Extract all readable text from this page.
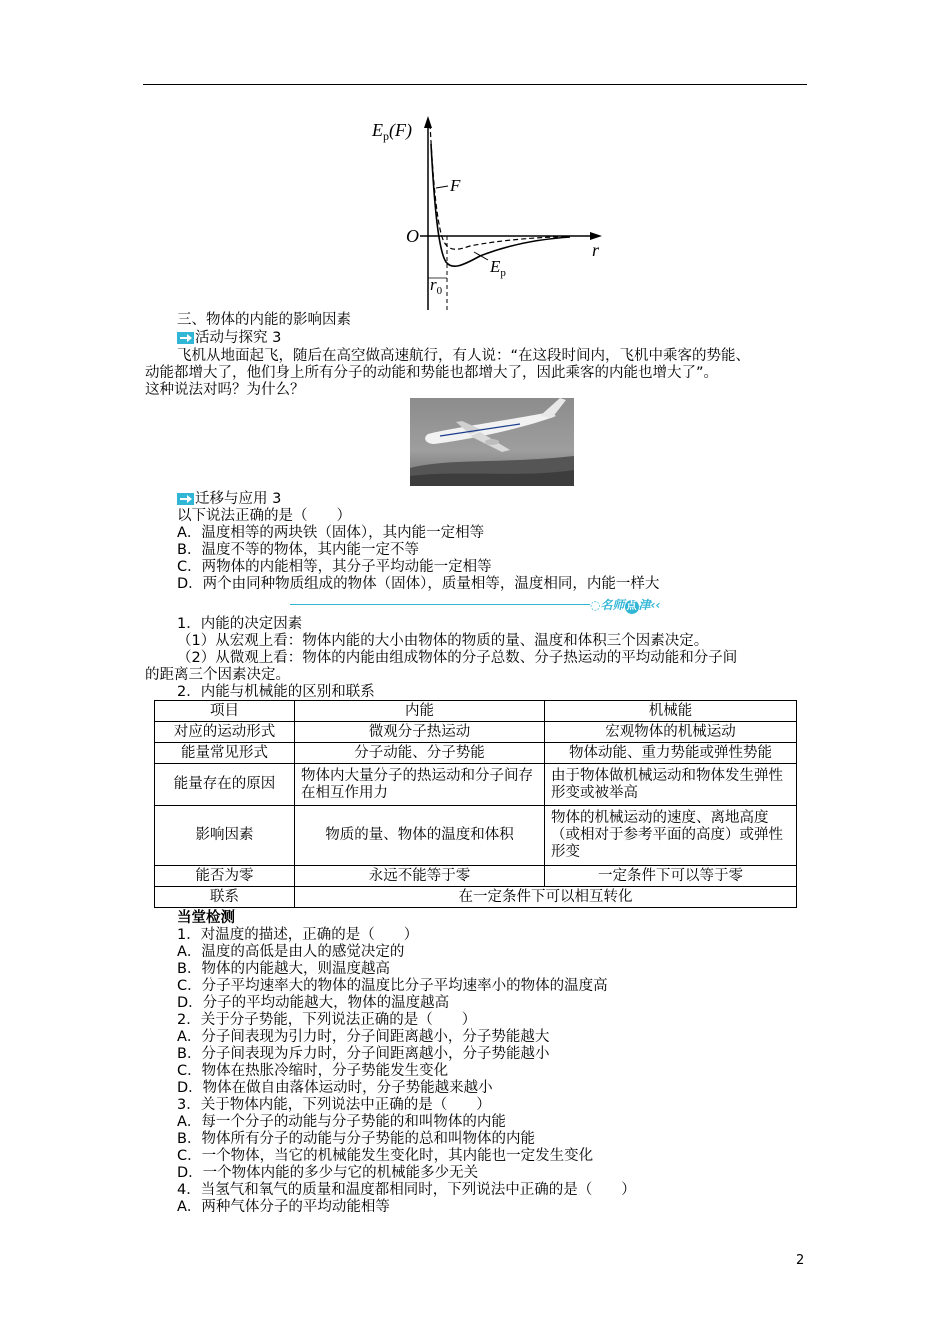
$E_p(F)$
O
r
F
$E_p$
$r_0$
三、物体的内能的影响因素
活动与探究 3
飞机从地面起飞，随后在高空做高速航行，有人说：“在这段时间内，飞机中乘客的势能、
动能都增大了，他们身上所有分子的动能和势能也都增大了，因此乘客的内能也增大了”。
这种说法对吗？为什么？
迁移与应用 3
以下说法正确的是（　　）
A．温度相等的两块铁（固体），其内能一定相等
B．温度不等的物体，其内能一定不等
C．两物体的内能相等，其分子平均动能一定相等
D．两个由同种物质组成的物体（固体），质量相等，温度相同，内能一样大
◌名师 点 津‹‹
1．内能的决定因素
（1）从宏观上看：物体内能的大小由物体的物质的量、温度和体积三个因素决定。
（2）从微观上看：物体的内能由组成物体的分子总数、分子热运动的平均动能和分子间
的距离三个因素决定。
2．内能与机械能的区别和联系
项目	内能	机械能
对应的运动形式	微观分子热运动	宏观物体的机械运动
能量常见形式	分子动能、分子势能	物体动能、重力势能或弹性势能
能量存在的原因	物体内大量分子的热运动和分子间存在相互作用力	由于物体做机械运动和物体发生弹性形变或被举高
影响因素	物质的量、物体的温度和体积	物体的机械运动的速度、离地高度（或相对于参考平面的高度）或弹性形变
能否为零	永远不能等于零	一定条件下可以等于零
联系	在一定条件下可以相互转化	
当堂检测
1．对温度的描述，正确的是（　　）
A．温度的高低是由人的感觉决定的
B．物体的内能越大，则温度越高
C．分子平均速率大的物体的温度比分子平均速率小的物体的温度高
D．分子的平均动能越大，物体的温度越高
2．关于分子势能，下列说法正确的是（　　）
A．分子间表现为引力时，分子间距离越小，分子势能越大
B．分子间表现为斥力时，分子间距离越小，分子势能越小
C．物体在热胀冷缩时，分子势能发生变化
D．物体在做自由落体运动时，分子势能越来越小
3．关于物体内能，下列说法中正确的是（　　）
A．每一个分子的动能与分子势能的和叫物体的内能
B．物体所有分子的动能与分子势能的总和叫物体的内能
C．一个物体，当它的机械能发生变化时，其内能也一定发生变化
D．一个物体内能的多少与它的机械能多少无关
4．当氢气和氧气的质量和温度都相同时，下列说法中正确的是（　　）
A．两种气体分子的平均动能相等
2
